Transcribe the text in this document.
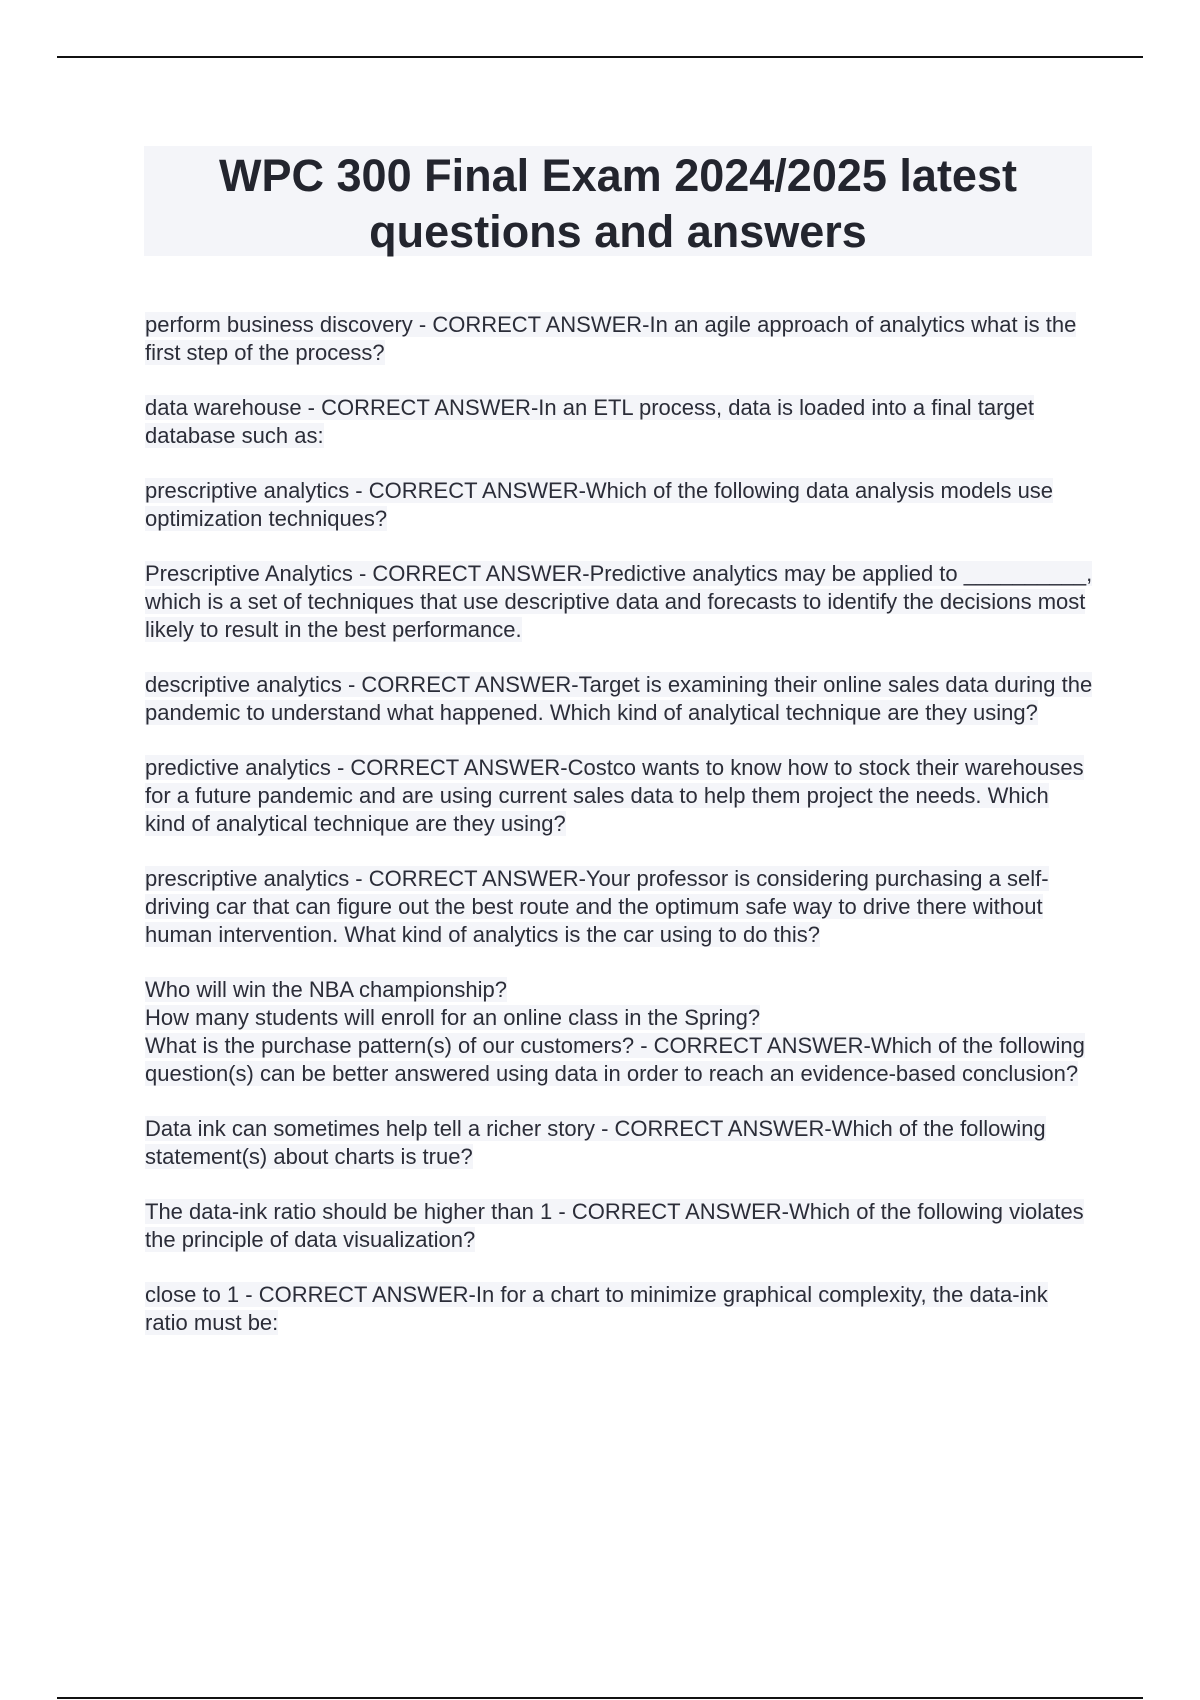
WPC 300 Final Exam 2024/2025 latest questions and answers
perform business discovery - CORRECT ANSWER-In an agile approach of analytics what is the first step of the process?
data warehouse - CORRECT ANSWER-In an ETL process, data is loaded into a final target database such as:
prescriptive analytics - CORRECT ANSWER-Which of the following data analysis models use optimization techniques?
Prescriptive Analytics - CORRECT ANSWER-Predictive analytics may be applied to __________, which is a set of techniques that use descriptive data and forecasts to identify the decisions most likely to result in the best performance.
descriptive analytics - CORRECT ANSWER-Target is examining their online sales data during the pandemic to understand what happened. Which kind of analytical technique are they using?
predictive analytics - CORRECT ANSWER-Costco wants to know how to stock their warehouses for a future pandemic and are using current sales data to help them project the needs. Which kind of analytical technique are they using?
prescriptive analytics - CORRECT ANSWER-Your professor is considering purchasing a self-driving car that can figure out the best route and the optimum safe way to drive there without human intervention. What kind of analytics is the car using to do this?
Who will win the NBA championship?
How many students will enroll for an online class in the Spring?
What is the purchase pattern(s) of our customers? - CORRECT ANSWER-Which of the following question(s) can be better answered using data in order to reach an evidence-based conclusion?
Data ink can sometimes help tell a richer story - CORRECT ANSWER-Which of the following statement(s) about charts is true?
The data-ink ratio should be higher than 1 - CORRECT ANSWER-Which of the following violates the principle of data visualization?
close to 1 - CORRECT ANSWER-In for a chart to minimize graphical complexity, the data-ink ratio must be:
